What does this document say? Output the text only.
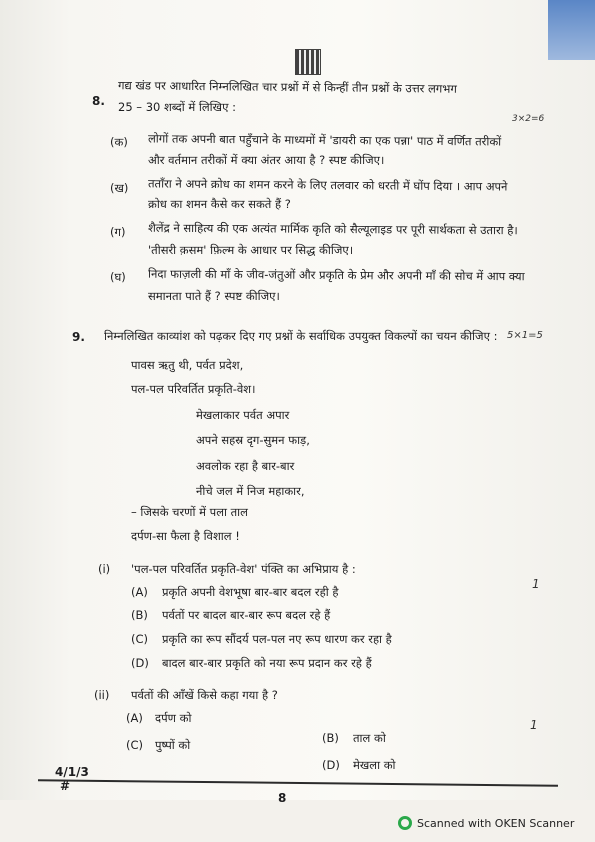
8.
गद्य खंड पर आधारित निम्नलिखित चार प्रश्नों में से किन्हीं तीन प्रश्नों के उत्तर लगभग
25 – 30 शब्दों में लिखिए :
3×2=6
(क) लोगों तक अपनी बात पहुँचाने के माध्यमों में 'डायरी का एक पन्ना' पाठ में वर्णित तरीकों
और वर्तमान तरीकों में क्या अंतर आया है ? स्पष्ट कीजिए।
(ख) तताँरा ने अपने क्रोध का शमन करने के लिए तलवार को धरती में घोंप दिया । आप अपने
क्रोध का शमन कैसे कर सकते हैं ?
(ग) शैलेंद्र ने साहित्य की एक अत्यंत मार्मिक कृति को सैल्यूलाइड पर पूरी सार्थकता से उतारा है।
'तीसरी क़सम' फ़िल्म के आधार पर सिद्ध कीजिए।
(घ) निदा फाज़ली की माँ के जीव-जंतुओं और प्रकृति के प्रेम और अपनी माँ की सोच में आप क्या
समानता पाते हैं ? स्पष्ट कीजिए।
9. निम्नलिखित काव्यांश को पढ़कर दिए गए प्रश्नों के सर्वाधिक उपयुक्त विकल्पों का चयन कीजिए : 5×1=5
पावस ऋतु थी, पर्वत प्रदेश,
पल-पल परिवर्तित प्रकृति-वेश।
मेखलाकार पर्वत अपार
अपने सहस्र दृग-सुमन फाड़,
अवलोक रहा है बार-बार
नीचे जल में निज महाकार,
– जिसके चरणों में पला ताल
दर्पण-सा फैला है विशाल !
(i) 'पल-पल परिवर्तित प्रकृति-वेश' पंक्ति का अभिप्राय है :
1
(A) प्रकृति अपनी वेशभूषा बार-बार बदल रही है
(B) पर्वतों पर बादल बार-बार रूप बदल रहे हैं
(C) प्रकृति का रूप सौंदर्य पल-पल नए रूप धारण कर रहा है
(D) बादल बार-बार प्रकृति को नया रूप प्रदान कर रहे हैं
(ii) पर्वतों की आँखें किसे कहा गया है ?
1
(A) दर्पण को
(B) ताल को
(C) पुष्पों को
(D) मेखला को
4/1/3
#
8
Scanned with OKEN Scanner
